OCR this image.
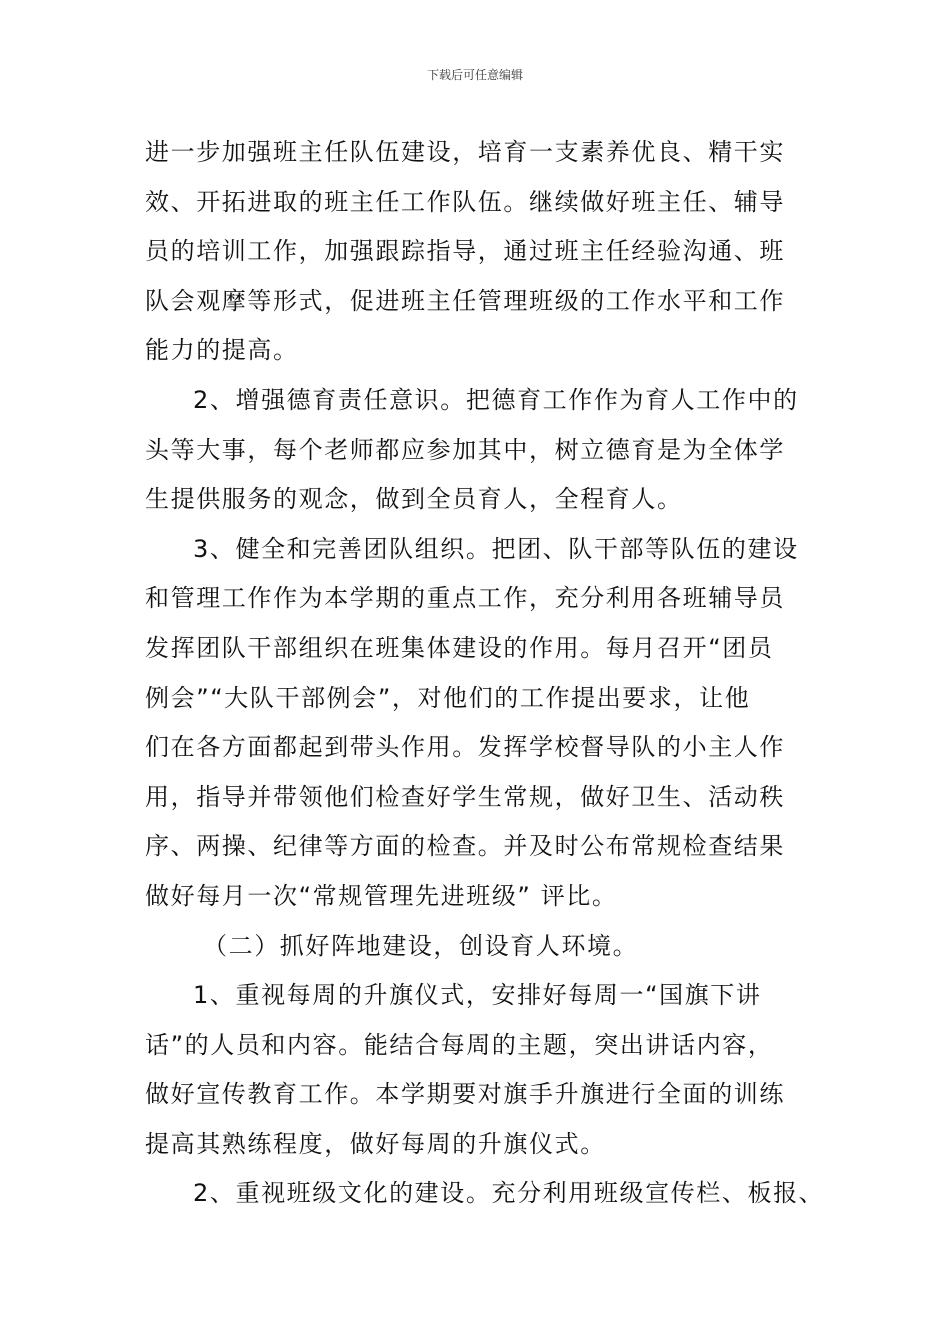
下载后可任意编辑

进一步加强班主任队伍建设，培育一支素养优良、精干实

效、开拓进取的班主任工作队伍。继续做好班主任、辅导

员的培训工作，加强跟踪指导，通过班主任经验沟通、班

队会观摩等形式，促进班主任管理班级的工作水平和工作

能力的提高。

2、增强德育责任意识。把德育工作作为育人工作中的

头等大事，每个老师都应参加其中，树立德育是为全体学

生提供服务的观念，做到全员育人，全程育人。

3、健全和完善团队组织。把团、队干部等队伍的建设

和管理工作作为本学期的重点工作，充分利用各班辅导员

发挥团队干部组织在班集体建设的作用。每月召开“团员

例会”“大队干部例会”，对他们的工作提出要求，让他

们在各方面都起到带头作用。发挥学校督导队的小主人作

用，指导并带领他们检查好学生常规，做好卫生、活动秩

序、两操、纪律等方面的检查。并及时公布常规检查结果

做好每月一次“常规管理先进班级” 评比。

（二）抓好阵地建设，创设育人环境。

1、重视每周的升旗仪式，安排好每周一“国旗下讲

话”的人员和内容。能结合每周的主题，突出讲话内容，

做好宣传教育工作。本学期要对旗手升旗进行全面的训练

提高其熟练程度，做好每周的升旗仪式。

2、重视班级文化的建设。充分利用班级宣传栏、板报、
